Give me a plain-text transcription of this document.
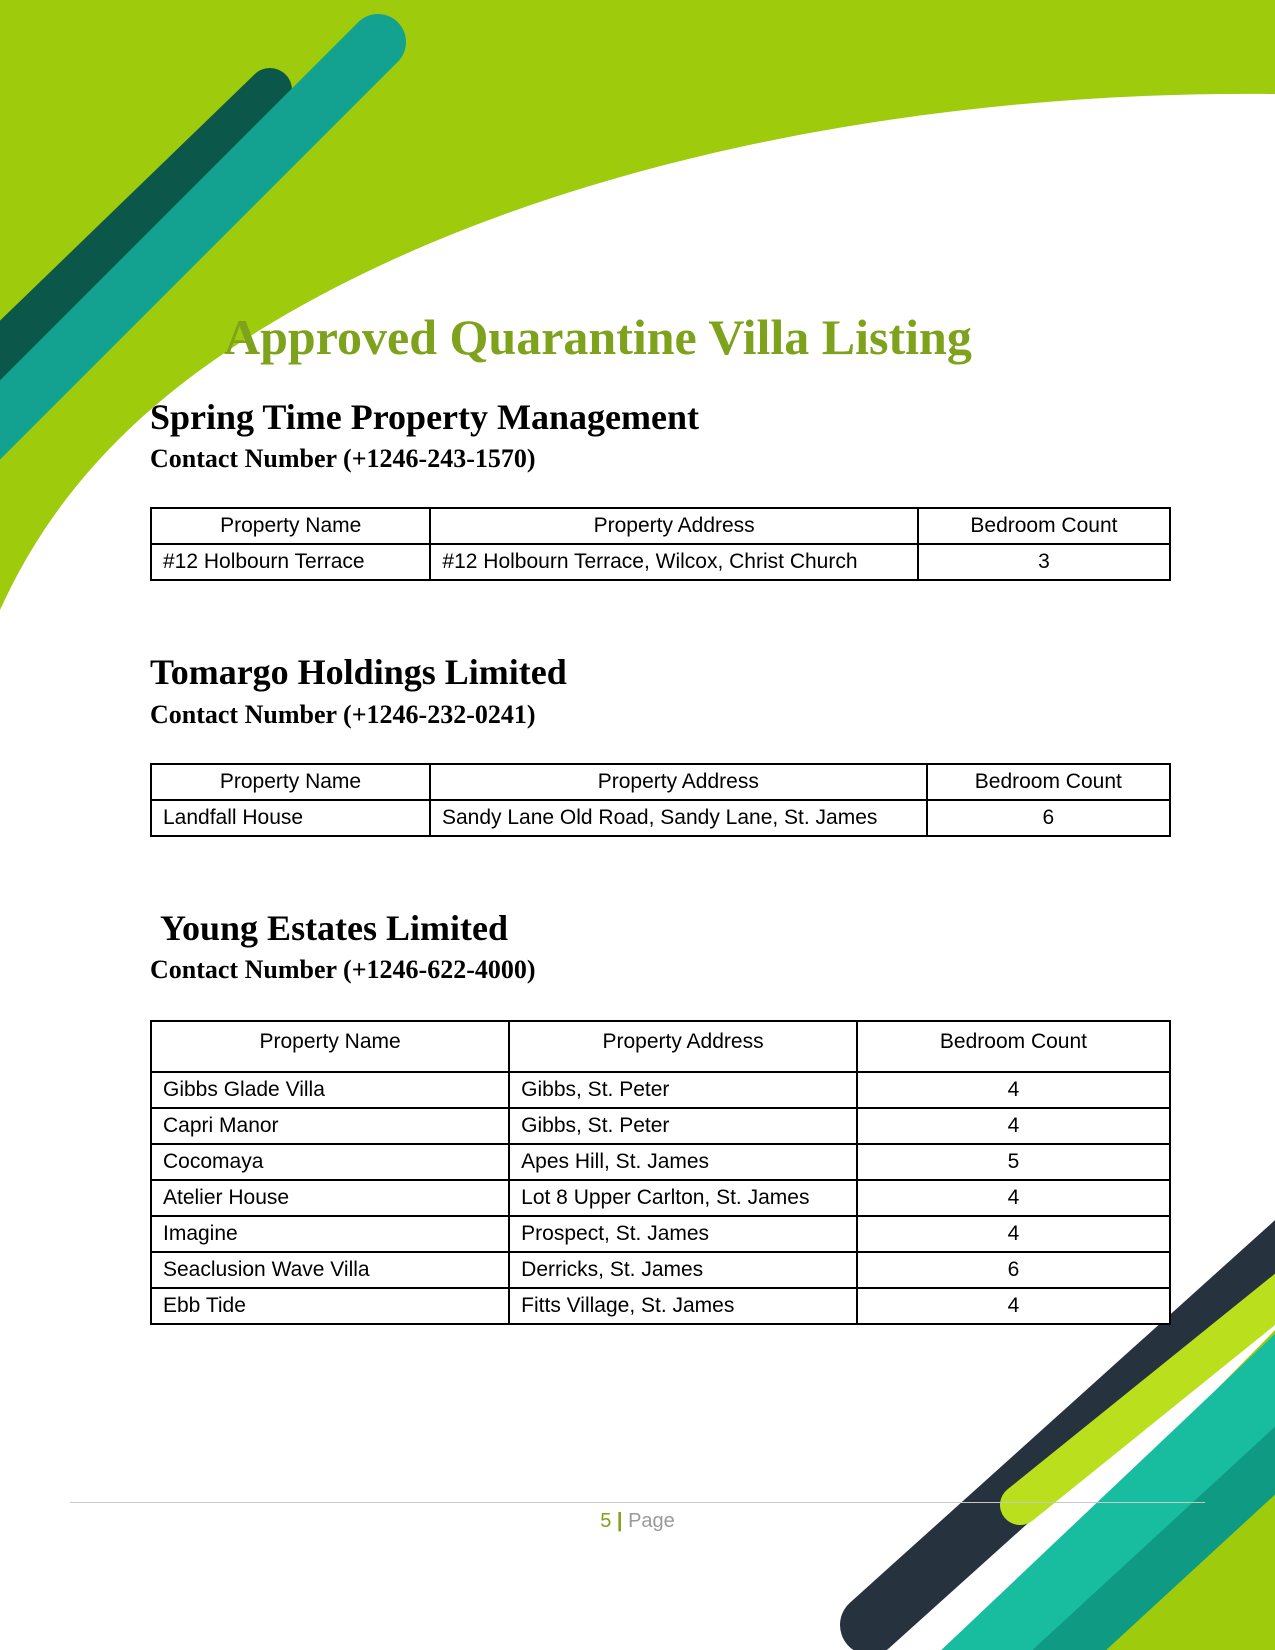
Approved Quarantine Villa Listing
Spring Time Property Management
Contact Number (+1246-243-1570)
Property Name	Property Address	Bedroom Count
#12 Holbourn Terrace	#12 Holbourn Terrace, Wilcox, Christ Church	3
Tomargo Holdings Limited
Contact Number (+1246-232-0241)
Property Name	Property Address	Bedroom Count
Landfall House	Sandy Lane Old Road, Sandy Lane, St. James	6
Young Estates Limited
Contact Number (+1246-622-4000)
Property Name	Property Address	Bedroom Count
Gibbs Glade Villa	Gibbs, St. Peter	4
Capri Manor	Gibbs, St. Peter	4
Cocomaya	Apes Hill, St. James	5
Atelier House	Lot 8 Upper Carlton, St. James	4
Imagine	Prospect, St. James	4
Seaclusion Wave Villa	Derricks, St. James	6
Ebb Tide	Fitts Village, St. James	4
5 | Page
